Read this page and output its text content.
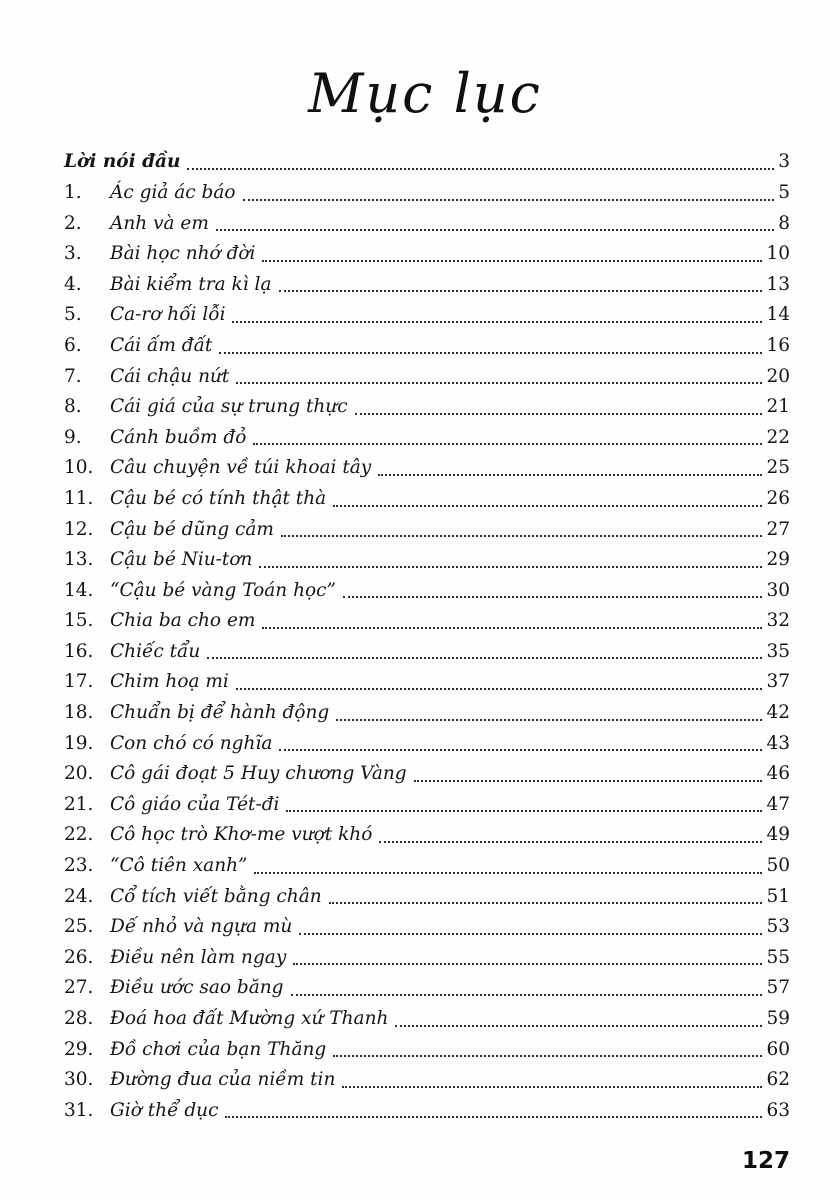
Mục lục
Lời nói đầu	3
1.	Ác giả ác báo	5
2.	Anh và em	8
3.	Bài học nhớ đời	10
4.	Bài kiểm tra kì lạ	13
5.	Ca-rơ hối lỗi	14
6.	Cái ấm đất	16
7.	Cái chậu nứt	20
8.	Cái giá của sự trung thực	21
9.	Cánh buồm đỏ	22
10. Câu chuyện về túi khoai tây	25
11. Cậu bé có tính thật thà	26
12. Cậu bé dũng cảm	27
13. Cậu bé Niu-tơn	29
14. “Cậu bé vàng Toán học”	30
15. Chia ba cho em	32
16. Chiếc tẩu	35
17. Chim hoạ mi	37
18. Chuẩn bị để hành động	42
19. Con chó có nghĩa	43
20. Cô gái đoạt 5 Huy chương Vàng	46
21. Cô giáo của Tét-đi	47
22. Cô học trò Khơ-me vượt khó	49
23. “Cô tiên xanh”	50
24. Cổ tích viết bằng chân	51
25. Dế nhỏ và ngựa mù	53
26. Điều nên làm ngay	55
27. Điều ước sao băng	57
28. Đoá hoa đất Mường xứ Thanh	59
29. Đồ chơi của bạn Thăng	60
30. Đường đua của niềm tin	62
31. Giờ thể dục	63
127
